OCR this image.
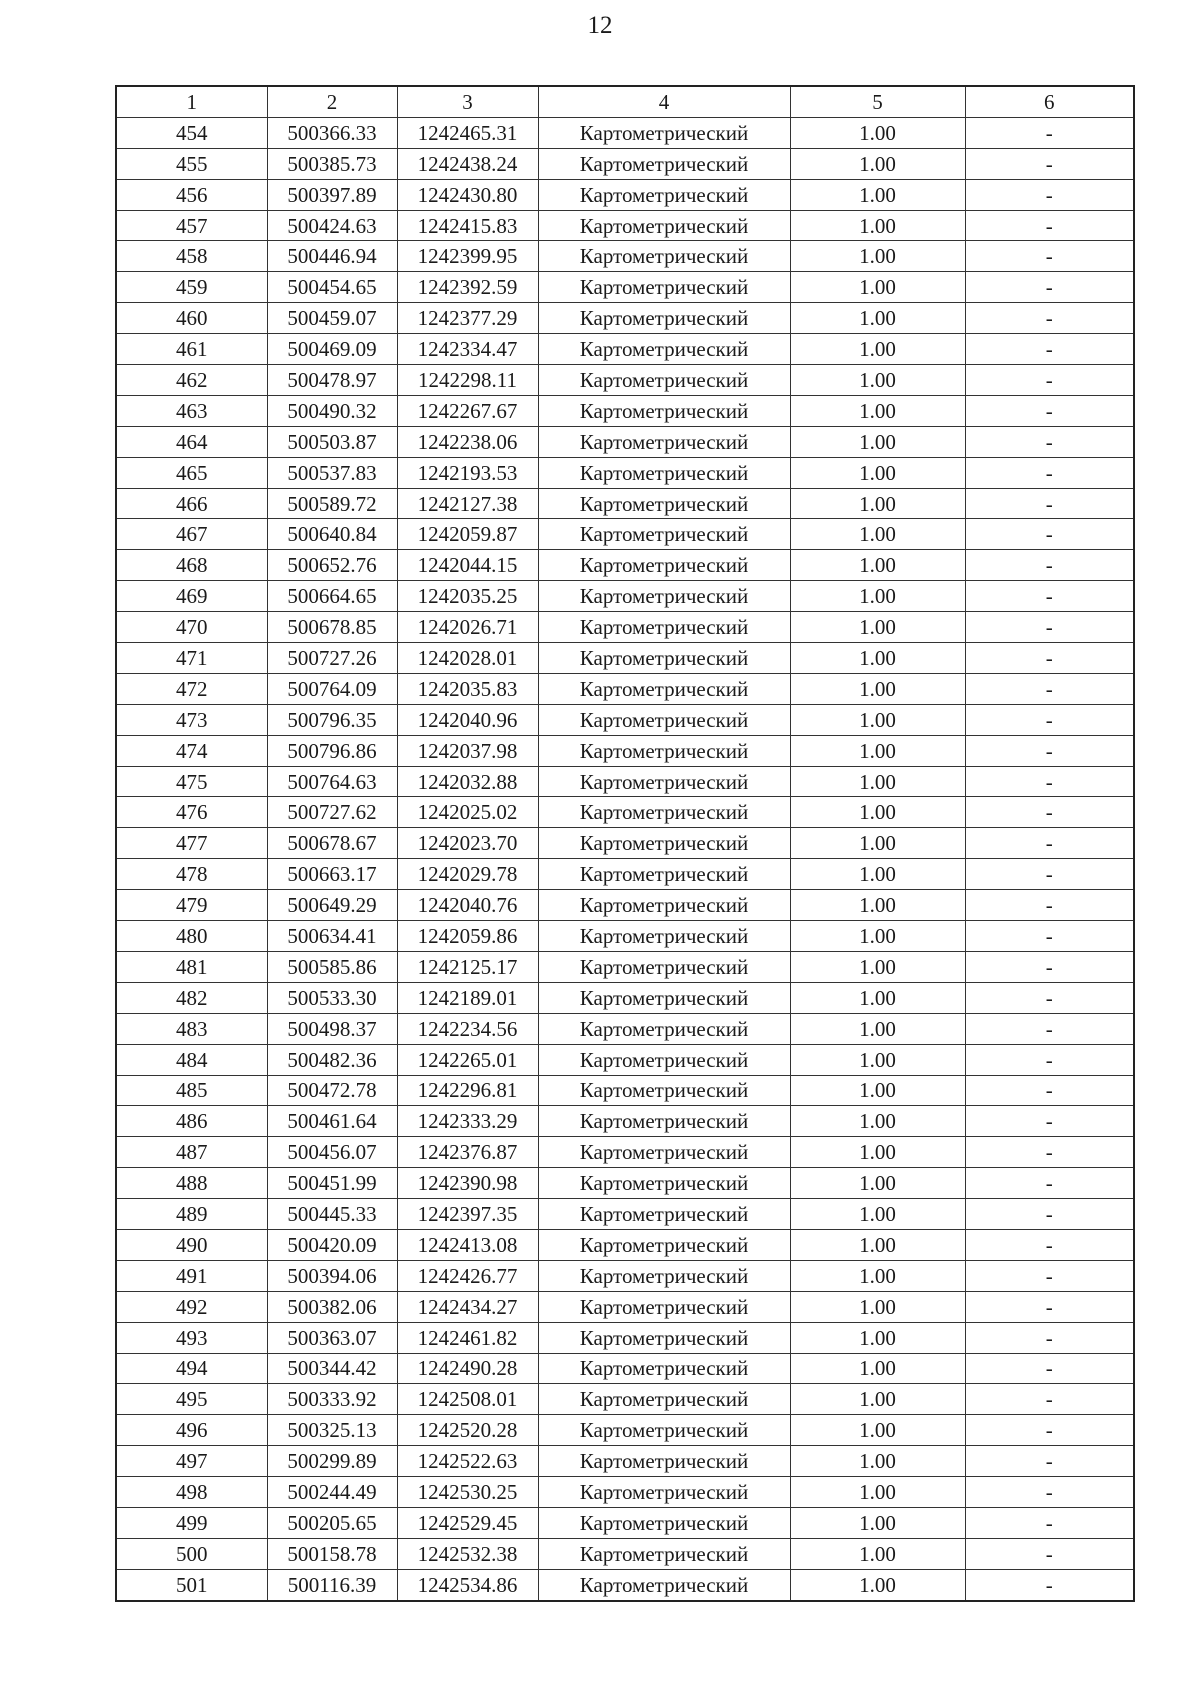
12
1	2	3	4	5	6
454	500366.33	1242465.31	Картометрический	1.00	-
455	500385.73	1242438.24	Картометрический	1.00	-
456	500397.89	1242430.80	Картометрический	1.00	-
457	500424.63	1242415.83	Картометрический	1.00	-
458	500446.94	1242399.95	Картометрический	1.00	-
459	500454.65	1242392.59	Картометрический	1.00	-
460	500459.07	1242377.29	Картометрический	1.00	-
461	500469.09	1242334.47	Картометрический	1.00	-
462	500478.97	1242298.11	Картометрический	1.00	-
463	500490.32	1242267.67	Картометрический	1.00	-
464	500503.87	1242238.06	Картометрический	1.00	-
465	500537.83	1242193.53	Картометрический	1.00	-
466	500589.72	1242127.38	Картометрический	1.00	-
467	500640.84	1242059.87	Картометрический	1.00	-
468	500652.76	1242044.15	Картометрический	1.00	-
469	500664.65	1242035.25	Картометрический	1.00	-
470	500678.85	1242026.71	Картометрический	1.00	-
471	500727.26	1242028.01	Картометрический	1.00	-
472	500764.09	1242035.83	Картометрический	1.00	-
473	500796.35	1242040.96	Картометрический	1.00	-
474	500796.86	1242037.98	Картометрический	1.00	-
475	500764.63	1242032.88	Картометрический	1.00	-
476	500727.62	1242025.02	Картометрический	1.00	-
477	500678.67	1242023.70	Картометрический	1.00	-
478	500663.17	1242029.78	Картометрический	1.00	-
479	500649.29	1242040.76	Картометрический	1.00	-
480	500634.41	1242059.86	Картометрический	1.00	-
481	500585.86	1242125.17	Картометрический	1.00	-
482	500533.30	1242189.01	Картометрический	1.00	-
483	500498.37	1242234.56	Картометрический	1.00	-
484	500482.36	1242265.01	Картометрический	1.00	-
485	500472.78	1242296.81	Картометрический	1.00	-
486	500461.64	1242333.29	Картометрический	1.00	-
487	500456.07	1242376.87	Картометрический	1.00	-
488	500451.99	1242390.98	Картометрический	1.00	-
489	500445.33	1242397.35	Картометрический	1.00	-
490	500420.09	1242413.08	Картометрический	1.00	-
491	500394.06	1242426.77	Картометрический	1.00	-
492	500382.06	1242434.27	Картометрический	1.00	-
493	500363.07	1242461.82	Картометрический	1.00	-
494	500344.42	1242490.28	Картометрический	1.00	-
495	500333.92	1242508.01	Картометрический	1.00	-
496	500325.13	1242520.28	Картометрический	1.00	-
497	500299.89	1242522.63	Картометрический	1.00	-
498	500244.49	1242530.25	Картометрический	1.00	-
499	500205.65	1242529.45	Картометрический	1.00	-
500	500158.78	1242532.38	Картометрический	1.00	-
501	500116.39	1242534.86	Картометрический	1.00	-
